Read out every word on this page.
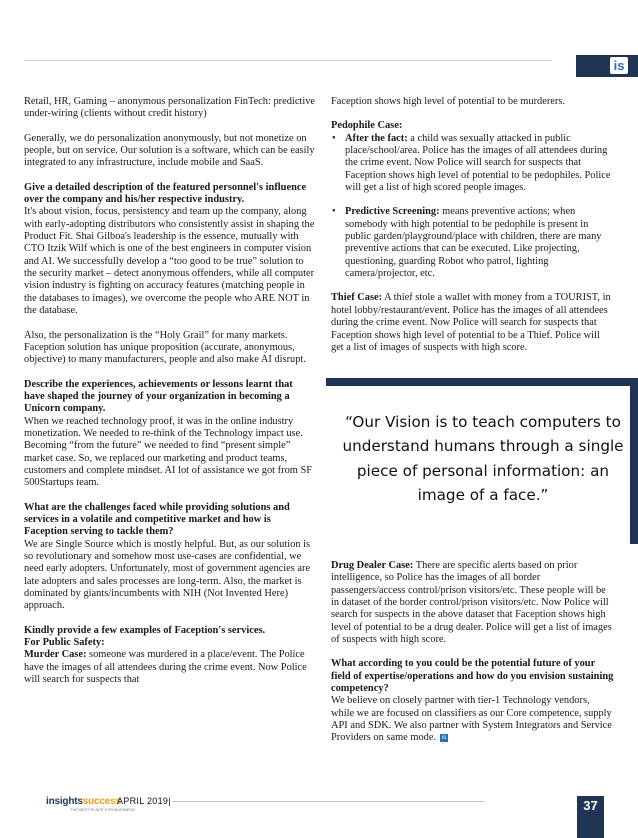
is

Retail, HR, Gaming – anonymous personalization FinTech: predictive under-wiring (clients without credit history)

Generally, we do personalization anonymously, but not monetize on people, but on service. Our solution is a software, which can be easily integrated to any infrastructure, include mobile and SaaS.

Give a detailed description of the featured personnel's influence over the company and his/her respective industry.
It's about vision, focus, persistency and team up the company, along with early-adopting distributors who consistently assist in shaping the Product Fit. Shai Gilboa's leadership is the essence, mutually with CTO Itzik Wilf which is one of the best engineers in computer vision and AI. We successfully develop a “too good to be true” solution to the security market – detect anonymous offenders, while all computer vision industry is fighting on accuracy features (matching people in the databases to images), we overcome the people who ARE NOT in the database.

Also, the personalization is the “Holy Grail” for many markets. Faception solution has unique proposition (accurate, anonymous, objective) to many manufacturers, people and also make AI disrupt.

Describe the experiences, achievements or lessons learnt that have shaped the journey of your organization in becoming a Unicorn company.
When we reached technology proof, it was in the online industry monetization. We needed to re-think of the Technology impact use. Becoming “from the future” we needed to find “present simple” market case. So, we replaced our marketing and product teams, customers and complete mindset. AI lot of assistance we got from SF 500Startups team.

What are the challenges faced while providing solutions and services in a volatile and competitive market and how is Faception serving to tackle them?
We are Single Source which is mostly helpful. But, as our solution is so revolutionary and somehow most use-cases are confidential, we need early adopters. Unfortunately, most of government agencies are late adopters and sales processes are long-term. Also, the market is dominated by giants/incumbents with NIH (Not Invented Here) approach.

Kindly provide a few examples of Faception's services.
For Public Safety:
Murder Case: someone was murdered in a place/event. The Police have the images of all attendees during the crime event. Now Police will search for suspects that

Faception shows high level of potential to be murderers.

Pedophile Case:
• After the fact: a child was sexually attacked in public place/school/area. Police has the images of all attendees during the crime event. Now Police will search for suspects that Faception shows high level of potential to be pedophiles. Police will get a list of high scored people images.
• Predictive Screening: means preventive actions; when somebody with high potential to be pedophile is present in public garden/playground/place with children, there are many preventive actions that can be executed. Like projecting, questioning, guarding Robot who patrol, lighting camera/projector, etc.

Thief Case: A thief stole a wallet with money from a TOURIST, in hotel lobby/restaurant/event. Police has the images of all attendees during the crime event. Now Police will search for suspects that Faception shows high level of potential to be a Thief. Police will get a list of images of suspects with high score.

“Our Vision is to teach computers to understand humans through a single piece of personal information: an image of a face.”

Drug Dealer Case: There are specific alerts based on prior intelligence, so Police has the images of all border passengers/access control/prison visitors/etc. These people will be in dataset of the border control/prison visitors/etc. Now Police will search for suspects in the above dataset that Faception shows high level of potential to be a drug dealer. Police will get a list of images of suspects with high score.

What according to you could be the potential future of your field of expertise/operations and how do you envision sustaining competency?
We believe on closely partner with tier-1 Technology vendors, while we are focused on classifiers as our Core competence, supply API and SDK. We also partner with System Integrators and Service Providers on same mode. is

insightssuccess
THE BEST PLACE FOR BUSINESS
APRIL 2019|	37
